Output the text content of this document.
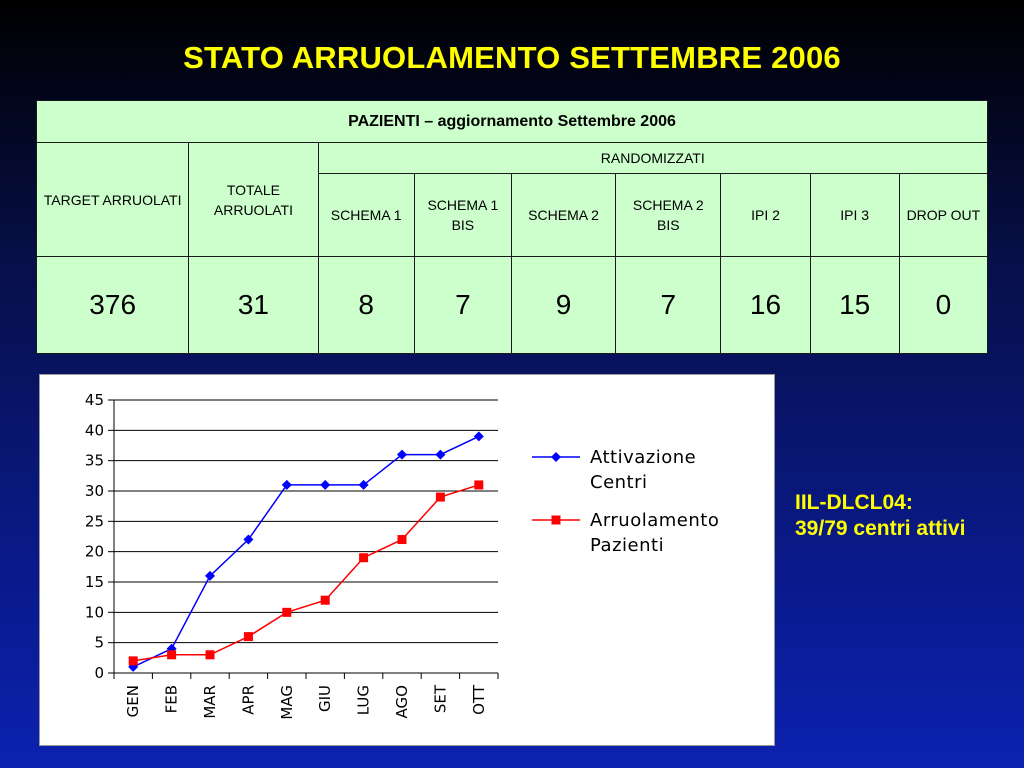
STATO ARRUOLAMENTO SETTEMBRE 2006
PAZIENTI – aggiornamento Settembre 2006								
TARGET ARRUOLATI	TOTALE ARRUOLATI	RANDOMIZZATI						
		SCHEMA 1	SCHEMA 1 BIS	SCHEMA 2	SCHEMA 2 BIS	IPI 2	IPI 3	DROP OUT
376	31	8	7	9	7	16	15	0
0
5
10
15
20
25
30
35
40
45
GEN FEB MAR APR MAG GIU LUG AGO SET OTT
Attivazione
Centri
Arruolamento
Pazienti
IIL-DLCL04:
39/79 centri attivi
